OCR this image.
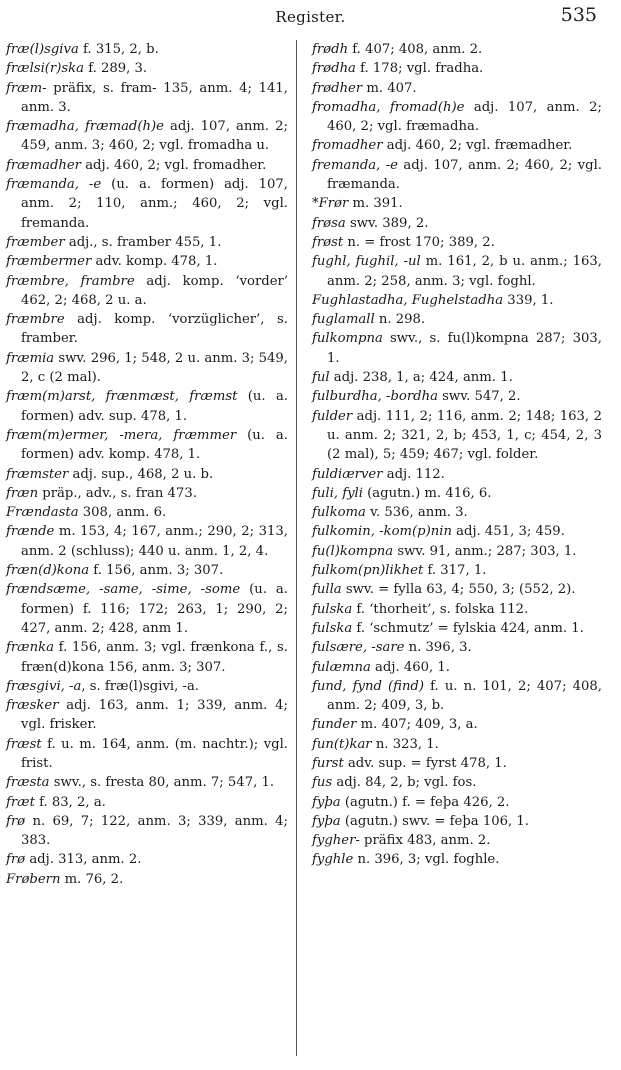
Register.	535
fræ(l)sgiva f. 315, 2, b.
frælsi(r)ska f. 289, 3.
fræm- präfix, s. fram- 135, anm. 4; 141, anm. 3.
fræmadha, fræmad(h)e adj. 107, anm. 2; 459, anm. 3; 460, 2; vgl. fromadha u.
fræmadher adj. 460, 2; vgl. fromadher.
fræmanda, -e (u. a. formen) adj. 107, anm. 2; 110, anm.; 460, 2; vgl. fremanda.
fræmber adj., s. framber 455, 1.
fræmbermer adv. komp. 478, 1.
fræmbre, frambre adj. komp. ‘vorder’ 462, 2; 468, 2 u. a.
fræmbre adj. komp. ‘vorzüglicher’, s. framber.
fræmia swv. 296, 1; 548, 2 u. anm. 3; 549, 2, c (2 mal).
fræm(m)arst, frænmæst, fræmst (u. a. formen) adv. sup. 478, 1.
fræm(m)ermer, -mera, fræmmer (u. a. formen) adv. komp. 478, 1.
fræmster adj. sup., 468, 2 u. b.
fræn präp., adv., s. fran 473.
Frændasta 308, anm. 6.
frænde m. 153, 4; 167, anm.; 290, 2; 313, anm. 2 (schluss); 440 u. anm. 1, 2, 4.
fræn(d)kona f. 156, anm. 3; 307.
frændsæme, -same, -sime, -some (u. a. formen) f. 116; 172; 263, 1; 290, 2; 427, anm. 2; 428, anm 1.
frænka f. 156, anm. 3; vgl. frænkona f., s. fræn(d)kona 156, anm. 3; 307.
fræsgivi, -a, s. fræ(l)sgivi, -a.
fræsker adj. 163, anm. 1; 339, anm. 4; vgl. frisker.
fræst f. u. m. 164, anm. (m. nachtr.); vgl. frist.
fræsta swv., s. fresta 80, anm. 7; 547, 1.
fræt f. 83, 2, a.
frø n. 69, 7; 122, anm. 3; 339, anm. 4; 383.
frø adj. 313, anm. 2.
Frøbern m. 76, 2.
frødh f. 407; 408, anm. 2.
frødha f. 178; vgl. fradha.
frødher m. 407.
fromadha, fromad(h)e adj. 107, anm. 2; 460, 2; vgl. fræmadha.
fromadher adj. 460, 2; vgl. fræmadher.
fremanda, -e adj. 107, anm. 2; 460, 2; vgl. fræmanda.
*Frør m. 391.
frøsa swv. 389, 2.
frøst n. = frost 170; 389, 2.
fughl, fughil, -ul m. 161, 2, b u. anm.; 163, anm. 2; 258, anm. 3; vgl. foghl.
Fughlastadha, Fughelstadha 339, 1.
fuglamall n. 298.
fulkompna swv., s. fu(l)kompna 287; 303, 1.
ful adj. 238, 1, a; 424, anm. 1.
fulburdha, -bordha swv. 547, 2.
fulder adj. 111, 2; 116, anm. 2; 148; 163, 2 u. anm. 2; 321, 2, b; 453, 1, c; 454, 2, 3 (2 mal), 5; 459; 467; vgl. folder.
fuldiærver adj. 112.
fuli, fyli (agutn.) m. 416, 6.
fulkoma v. 536, anm. 3.
fulkomin, -kom(p)nin adj. 451, 3; 459.
fu(l)kompna swv. 91, anm.; 287; 303, 1.
fulkom(pn)likhet f. 317, 1.
fulla swv. = fylla 63, 4; 550, 3; (552, 2).
fulska f. ‘thorheit’, s. folska 112.
fulska f. ‘schmutz’ = fylskia 424, anm. 1.
fulsære, -sare n. 396, 3.
fulæmna adj. 460, 1.
fund, fynd (find) f. u. n. 101, 2; 407; 408, anm. 2; 409, 3, b.
funder m. 407; 409, 3, a.
fun(t)kar n. 323, 1.
furst adv. sup. = fyrst 478, 1.
fus adj. 84, 2, b; vgl. fos.
fyþa (agutn.) f. = feþa 426, 2.
fyþa (agutn.) swv. = feþa 106, 1.
fygher- präfix 483, anm. 2.
fyghle n. 396, 3; vgl. foghle.
